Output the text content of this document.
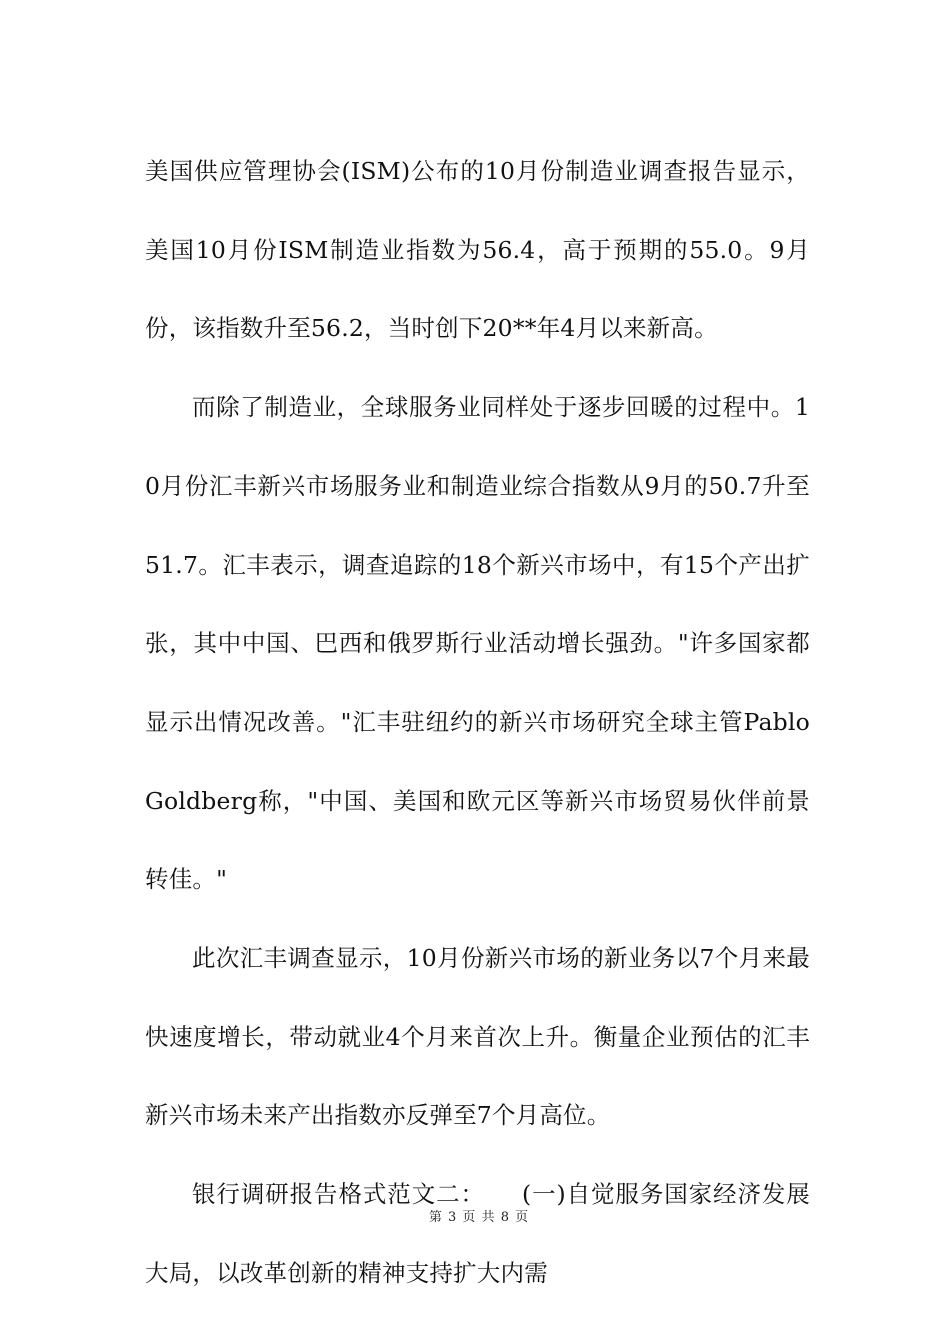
美国供应管理协会(ISM)公布的10月份制造业调查报告显示，美国10月份ISM制造业指数为56.4，高于预期的55.0。9月份，该指数升至56.2，当时创下20**年4月以来新高。

而除了制造业，全球服务业同样处于逐步回暖的过程中。10月份汇丰新兴市场服务业和制造业综合指数从9月的50.7升至51.7。汇丰表示，调查追踪的18个新兴市场中，有15个产出扩张，其中中国、巴西和俄罗斯行业活动增长强劲。"许多国家都显示出情况改善。"汇丰驻纽约的新兴市场研究全球主管PabloGoldberg称，"中国、美国和欧元区等新兴市场贸易伙伴前景转佳。"

此次汇丰调查显示，10月份新兴市场的新业务以7个月来最快速度增长，带动就业4个月来首次上升。衡量企业预估的汇丰新兴市场未来产出指数亦反弹至7个月高位。

银行调研报告格式范文二：　　(一)自觉服务国家经济发展大局，以改革创新的精神支持扩大内需

第 3 页 共 8 页
